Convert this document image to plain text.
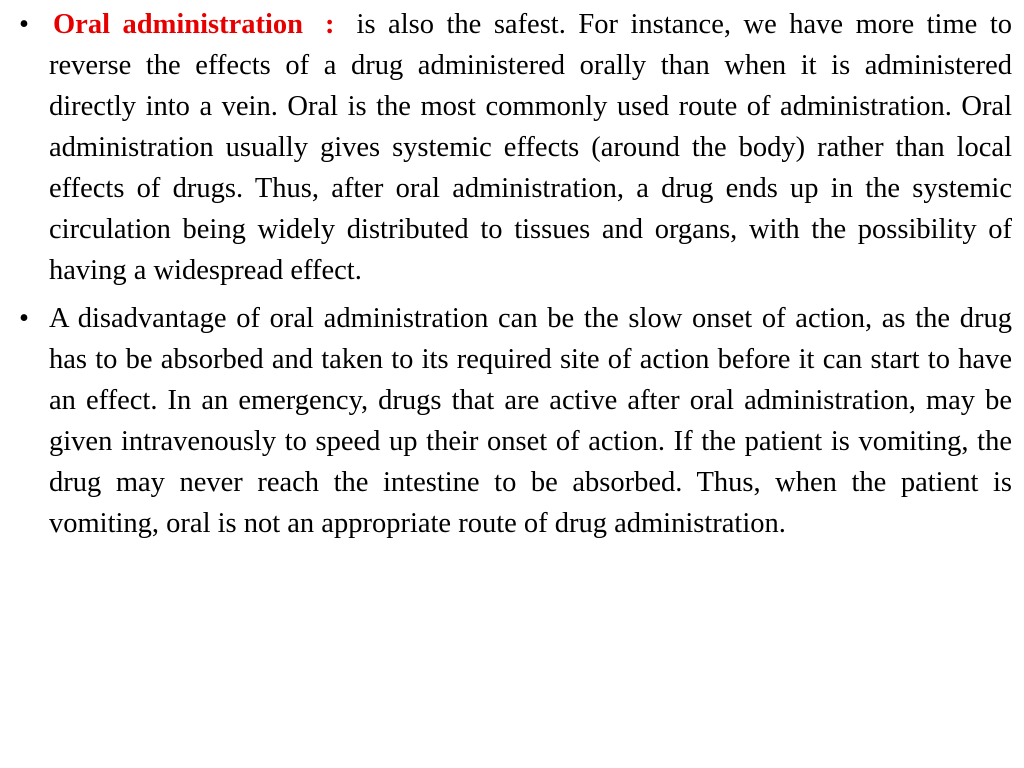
• Oral administration : is also the safest. For instance, we have more time to reverse the effects of a drug administered orally than when it is administered directly into a vein. Oral is the most commonly used route of administration. Oral administration usually gives systemic effects (around the body) rather than local effects of drugs. Thus, after oral administration, a drug ends up in the systemic circulation being widely distributed to tissues and organs, with the possibility of having a widespread effect.
• A disadvantage of oral administration can be the slow onset of action, as the drug has to be absorbed and taken to its required site of action before it can start to have an effect. In an emergency, drugs that are active after oral administration, may be given intravenously to speed up their onset of action. If the patient is vomiting, the drug may never reach the intestine to be absorbed. Thus, when the patient is vomiting, oral is not an appropriate route of drug administration.
